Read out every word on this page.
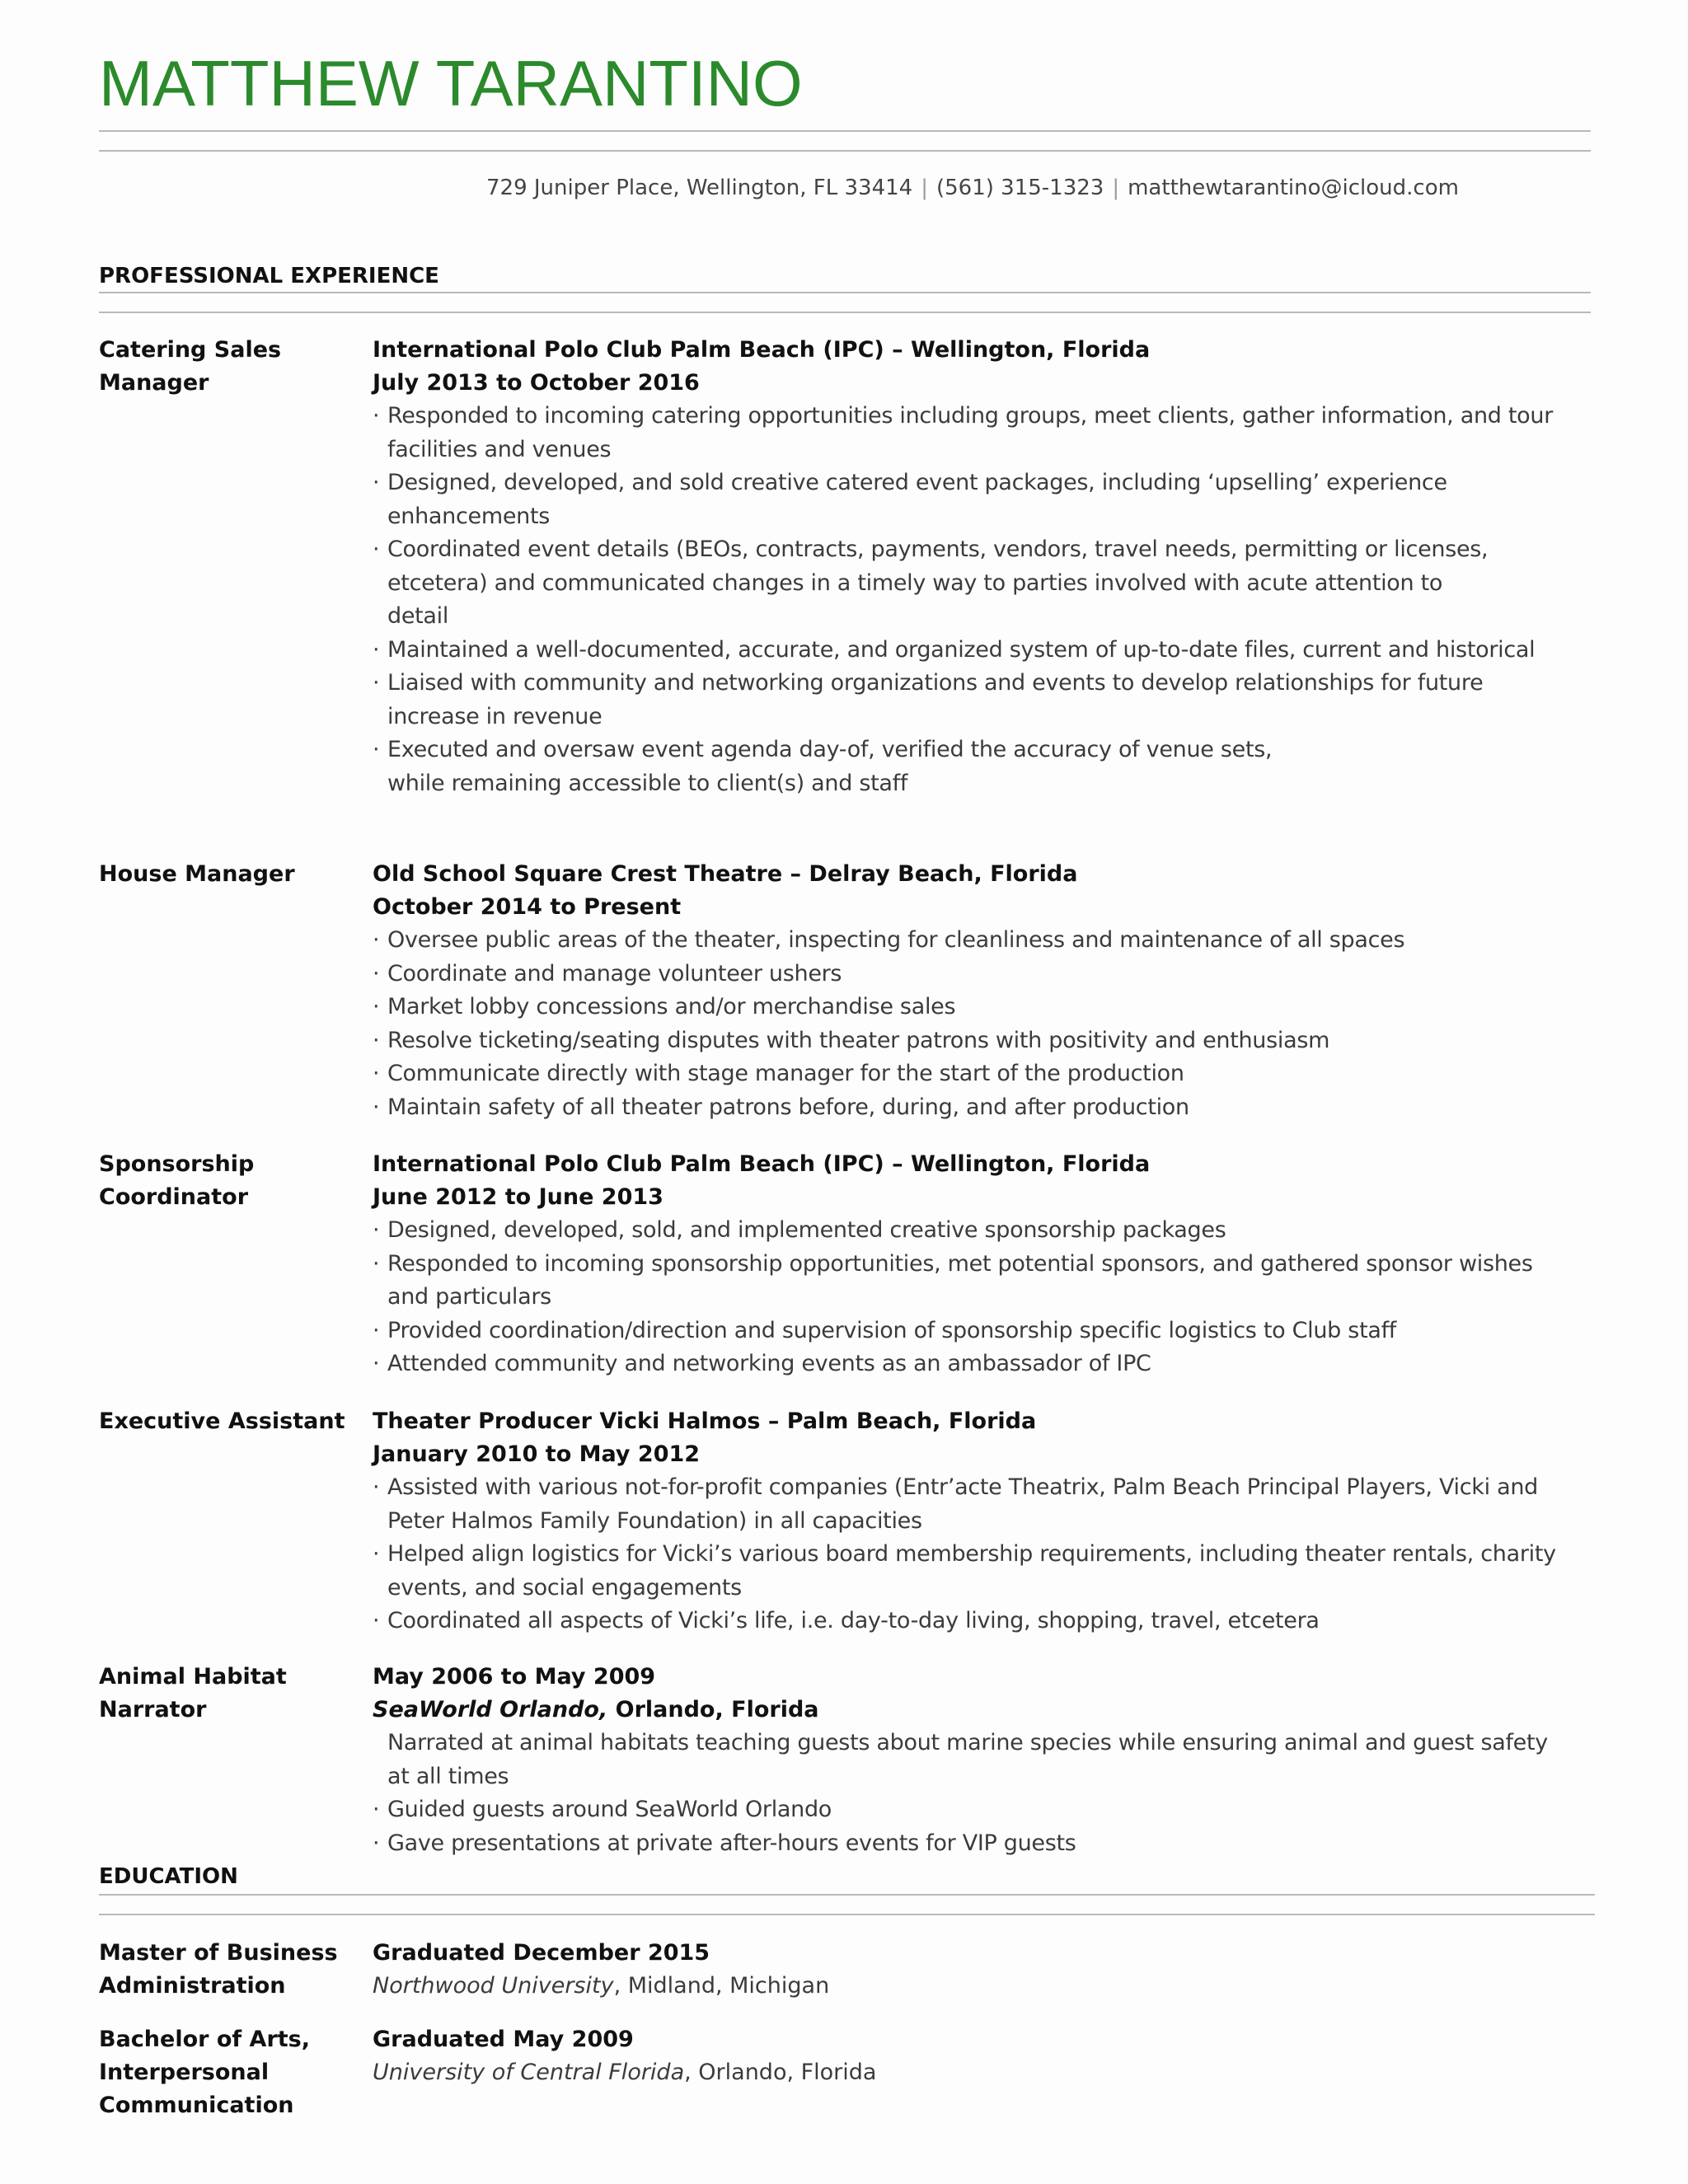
MATTHEW TARANTINO
729 Juniper Place, Wellington, FL 33414 | (561) 315-1323 | matthewtarantino@icloud.com
PROFESSIONAL EXPERIENCE
Catering Sales Manager
International Polo Club Palm Beach (IPC) – Wellington, Florida
July 2013 to October 2016
· Responded to incoming catering opportunities including groups, meet clients, gather information, and tour facilities and venues
· Designed, developed, and sold creative catered event packages, including ‘upselling’ experience enhancements
· Coordinated event details (BEOs, contracts, payments, vendors, travel needs, permitting or licenses, etcetera) and communicated changes in a timely way to parties involved with acute attention to detail
· Maintained a well-documented, accurate, and organized system of up-to-date files, current and historical
· Liaised with community and networking organizations and events to develop relationships for future increase in revenue
· Executed and oversaw event agenda day-of, verified the accuracy of venue sets, while remaining accessible to client(s) and staff
House Manager	Old School Square Crest Theatre – Delray Beach, Florida
October 2014 to Present
· Oversee public areas of the theater, inspecting for cleanliness and maintenance of all spaces
· Coordinate and manage volunteer ushers
· Market lobby concessions and/or merchandise sales
· Resolve ticketing/seating disputes with theater patrons with positivity and enthusiasm
· Communicate directly with stage manager for the start of the production
· Maintain safety of all theater patrons before, during, and after production
Sponsorship Coordinator
International Polo Club Palm Beach (IPC) – Wellington, Florida
June 2012 to June 2013
· Designed, developed, sold, and implemented creative sponsorship packages
· Responded to incoming sponsorship opportunities, met potential sponsors, and gathered sponsor wishes and particulars
· Provided coordination/direction and supervision of sponsorship specific logistics to Club staff
· Attended community and networking events as an ambassador of IPC
Executive Assistant	Theater Producer Vicki Halmos – Palm Beach, Florida
January 2010 to May 2012
· Assisted with various not-for-profit companies (Entr’acte Theatrix, Palm Beach Principal Players, Vicki and Peter Halmos Family Foundation) in all capacities
· Helped align logistics for Vicki’s various board membership requirements, including theater rentals, charity events, and social engagements
· Coordinated all aspects of Vicki’s life, i.e. day-to-day living, shopping, travel, etcetera
Animal Habitat Narrator
May 2006 to May 2009
SeaWorld Orlando, Orlando, Florida
Narrated at animal habitats teaching guests about marine species while ensuring animal and guest safety at all times
· Guided guests around SeaWorld Orlando
· Gave presentations at private after-hours events for VIP guests
EDUCATION
Master of Business Administration
Graduated December 2015
Northwood University, Midland, Michigan
Bachelor of Arts, Interpersonal Communication
Graduated May 2009
University of Central Florida, Orlando, Florida
